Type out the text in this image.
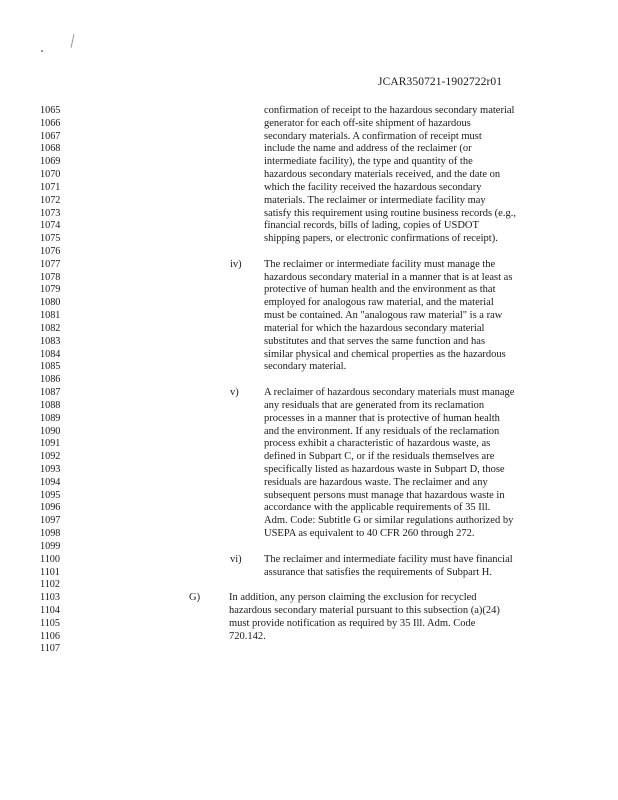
JCAR350721-1902722r01
1065	confirmation of receipt to the hazardous secondary material
1066	generator for each off-site shipment of hazardous
1067	secondary materials. A confirmation of receipt must
1068	include the name and address of the reclaimer (or
1069	intermediate facility), the type and quantity of the
1070	hazardous secondary materials received, and the date on
1071	which the facility received the hazardous secondary
1072	materials. The reclaimer or intermediate facility may
1073	satisfy this requirement using routine business records (e.g.,
1074	financial records, bills of lading, copies of USDOT
1075	shipping papers, or electronic confirmations of receipt).
1076
1077	iv) The reclaimer or intermediate facility must manage the
1078	hazardous secondary material in a manner that is at least as
1079	protective of human health and the environment as that
1080	employed for analogous raw material, and the material
1081	must be contained. An "analogous raw material" is a raw
1082	material for which the hazardous secondary material
1083	substitutes and that serves the same function and has
1084	similar physical and chemical properties as the hazardous
1085	secondary material.
1086
1087	v) A reclaimer of hazardous secondary materials must manage
1088	any residuals that are generated from its reclamation
1089	processes in a manner that is protective of human health
1090	and the environment. If any residuals of the reclamation
1091	process exhibit a characteristic of hazardous waste, as
1092	defined in Subpart C, or if the residuals themselves are
1093	specifically listed as hazardous waste in Subpart D, those
1094	residuals are hazardous waste. The reclaimer and any
1095	subsequent persons must manage that hazardous waste in
1096	accordance with the applicable requirements of 35 Ill.
1097	Adm. Code: Subtitle G or similar regulations authorized by
1098	USEPA as equivalent to 40 CFR 260 through 272.
1099
1100	vi) The reclaimer and intermediate facility must have financial
1101	assurance that satisfies the requirements of Subpart H.
1102
1103	G)	In addition, any person claiming the exclusion for recycled
1104	hazardous secondary material pursuant to this subsection (a)(24)
1105	must provide notification as required by 35 Ill. Adm. Code
1106	720.142.
1107
